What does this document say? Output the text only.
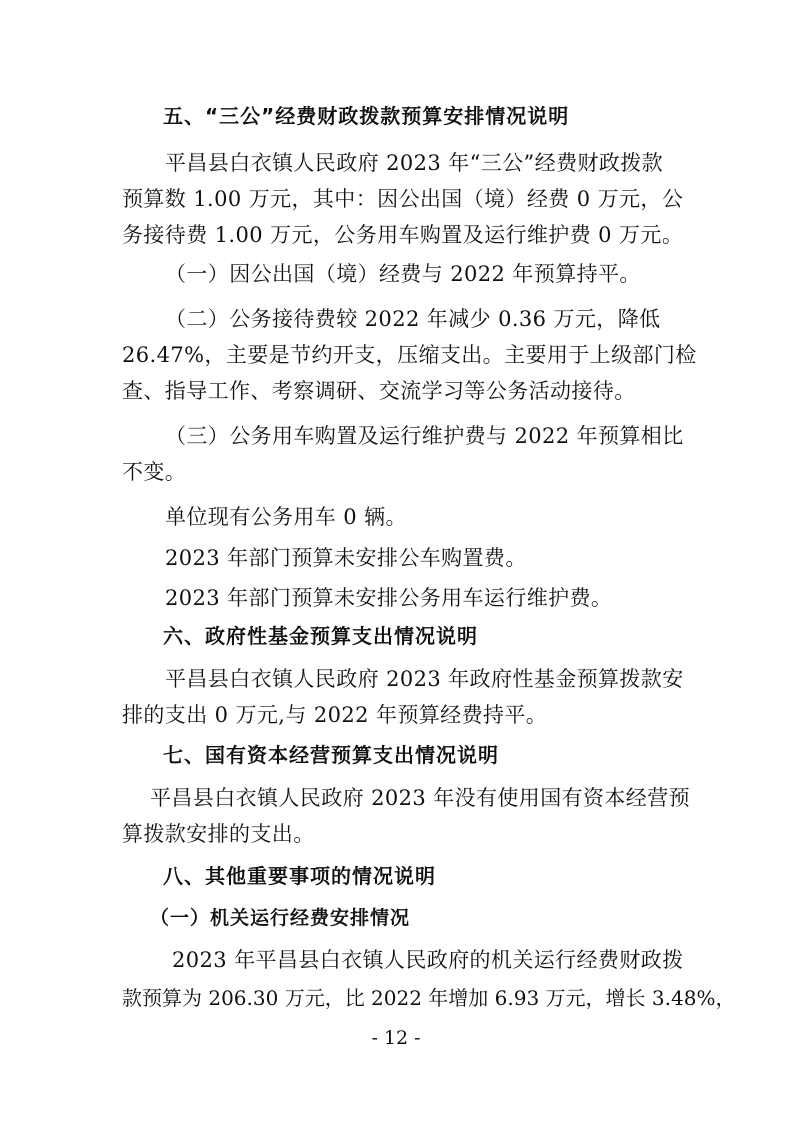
五、“三公”经费财政拨款预算安排情况说明
平昌县白衣镇人民政府 2023 年“三公”经费财政拨款
预算数 1.00 万元，其中：因公出国（境）经费 0 万元，公
务接待费 1.00 万元，公务用车购置及运行维护费 0 万元。
（一）因公出国（境）经费与 2022 年预算持平。
（二）公务接待费较 2022 年减少 0.36 万元，降低
26.47%，主要是节约开支，压缩支出。主要用于上级部门检
查、指导工作、考察调研、交流学习等公务活动接待。
（三）公务用车购置及运行维护费与 2022 年预算相比
不变。
单位现有公务用车 0 辆。
2023 年部门预算未安排公车购置费。
2023 年部门预算未安排公务用车运行维护费。
六、政府性基金预算支出情况说明
平昌县白衣镇人民政府 2023 年政府性基金预算拨款安
排的支出 0 万元,与 2022 年预算经费持平。
七、国有资本经营预算支出情况说明
平昌县白衣镇人民政府 2023 年没有使用国有资本经营预
算拨款安排的支出。
八、其他重要事项的情况说明
（一）机关运行经费安排情况
2023 年平昌县白衣镇人民政府的机关运行经费财政拨
款预算为 206.30 万元，比 2022 年增加 6.93 万元，增长 3.48%，
- 12 -
